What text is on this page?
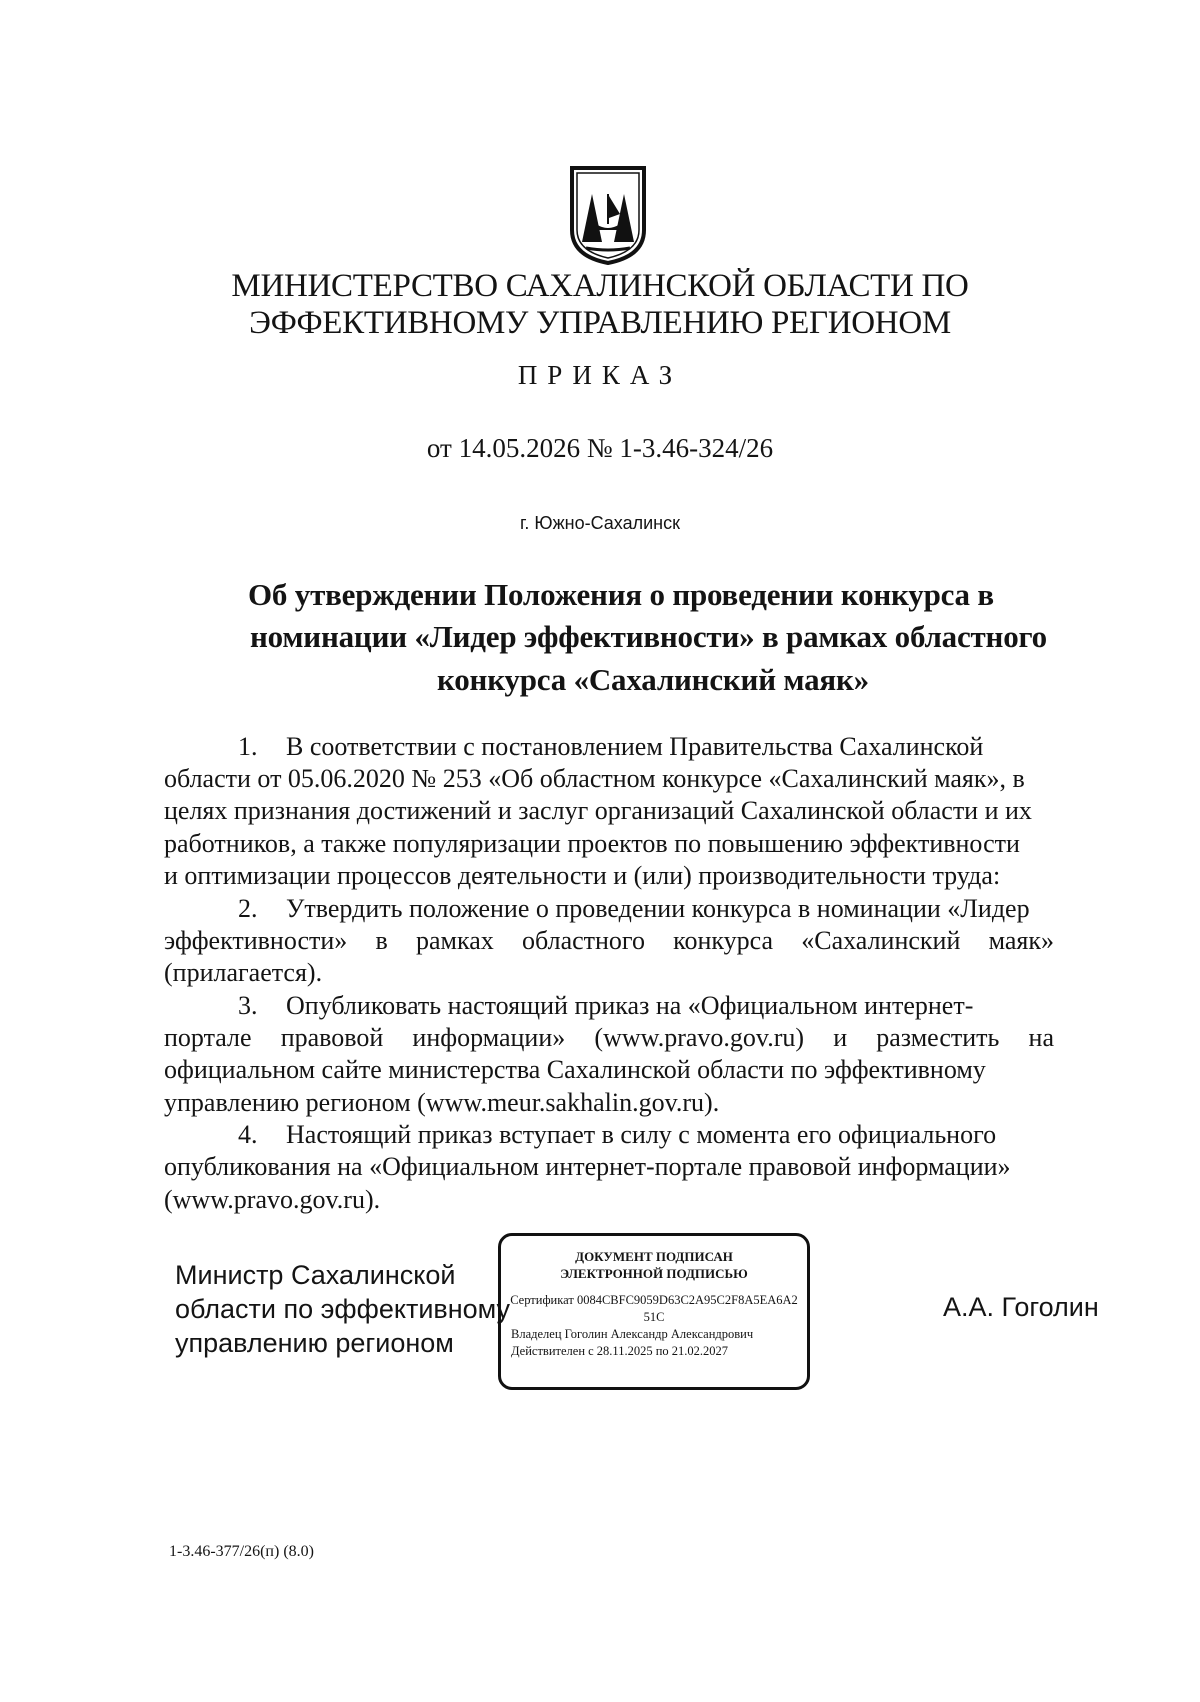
МИНИСТЕРСТВО САХАЛИНСКОЙ ОБЛАСТИ ПО
ЭФФЕКТИВНОМУ УПРАВЛЕНИЮ РЕГИОНОМ
ПРИКАЗ
от 14.05.2026 № 1-3.46-324/26
г. Южно-Сахалинск
Об утверждении Положения о проведении конкурса в
номинации «Лидер эффективности» в рамках областного
конкурса «Сахалинский маяк»
1. В соответствии с постановлением Правительства Сахалинской
области от 05.06.2020 № 253 «Об областном конкурсе «Сахалинский маяк», в
целях признания достижений и заслуг организаций Сахалинской области и их
работников, а также популяризации проектов по повышению эффективности
и оптимизации процессов деятельности и (или) производительности труда:
2. Утвердить положение о проведении конкурса в номинации «Лидер
эффективности» в рамках областного конкурса «Сахалинский маяк»
(прилагается).
3. Опубликовать настоящий приказ на «Официальном интернет-
портале правовой информации» (www.pravo.gov.ru) и разместить на
официальном сайте министерства Сахалинской области по эффективному
управлению регионом (www.meur.sakhalin.gov.ru).
4. Настоящий приказ вступает в силу с момента его официального
опубликования на «Официальном интернет-портале правовой информации»
(www.pravo.gov.ru).
Министр Сахалинской
области по эффективному
управлению регионом
ДОКУМЕНТ ПОДПИСАН
ЭЛЕКТРОННОЙ ПОДПИСЬЮ
Сертификат 0084CBFC9059D63C2A95C2F8A5EA6A2
51C
Владелец Гоголин Александр Александрович
Действителен с 28.11.2025 по 21.02.2027
А.А. Гоголин
1-3.46-377/26(п) (8.0)
